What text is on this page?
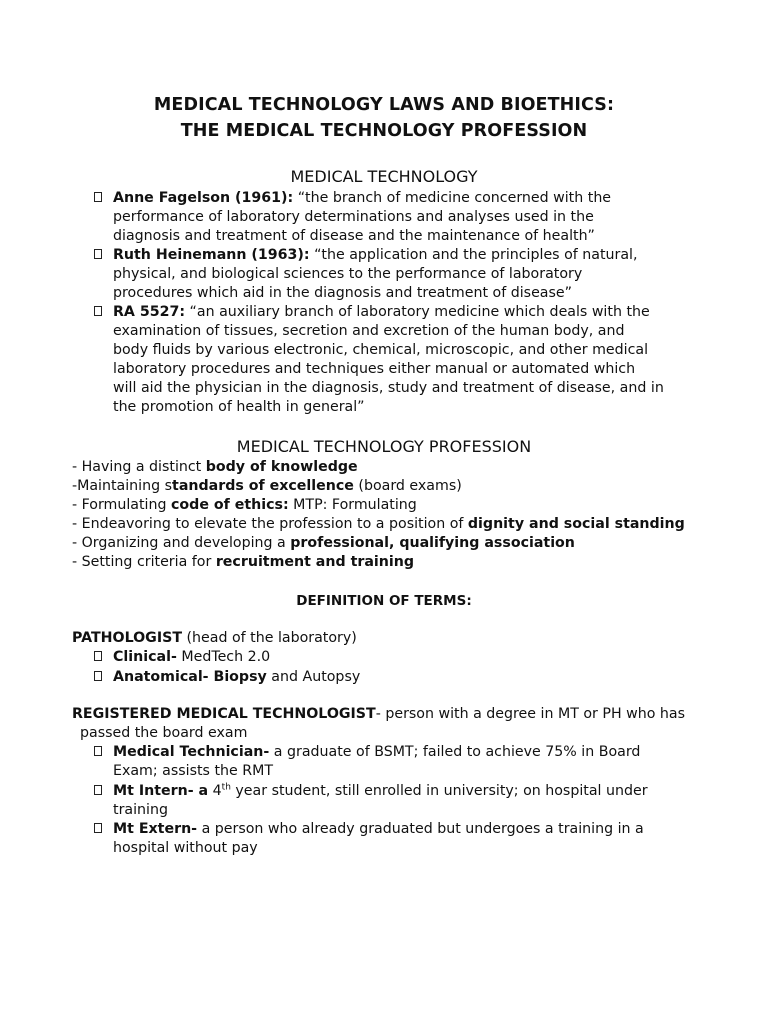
MEDICAL TECHNOLOGY LAWS AND BIOETHICS:
THE MEDICAL TECHNOLOGY PROFESSION
MEDICAL TECHNOLOGY
Anne Fagelson (1961): “the branch of medicine concerned with the
performance of laboratory determinations and analyses used in the
diagnosis and treatment of disease and the maintenance of health”
Ruth Heinemann (1963): “the application and the principles of natural,
physical, and biological sciences to the performance of laboratory
procedures which aid in the diagnosis and treatment of disease”
RA 5527: “an auxiliary branch of laboratory medicine which deals with the
examination of tissues, secretion and excretion of the human body, and
body fluids by various electronic, chemical, microscopic, and other medical
laboratory procedures and techniques either manual or automated which
will aid the physician in the diagnosis, study and treatment of disease, and in
the promotion of health in general”
MEDICAL TECHNOLOGY PROFESSION
- Having a distinct body of knowledge
-Maintaining standards of excellence (board exams)
- Formulating code of ethics: MTP: Formulating
- Endeavoring to elevate the profession to a position of dignity and social standing
- Organizing and developing a professional, qualifying association
- Setting criteria for recruitment and training
DEFINITION OF TERMS:
PATHOLOGIST (head of the laboratory)
Clinical- MedTech 2.0
Anatomical- Biopsy and Autopsy
REGISTERED MEDICAL TECHNOLOGIST- person with a degree in MT or PH who has
passed the board exam
Medical Technician- a graduate of BSMT; failed to achieve 75% in Board
Exam; assists the RMT
Mt Intern- a 4th year student, still enrolled in university; on hospital under
training
Mt Extern- a person who already graduated but undergoes a training in a
hospital without pay
